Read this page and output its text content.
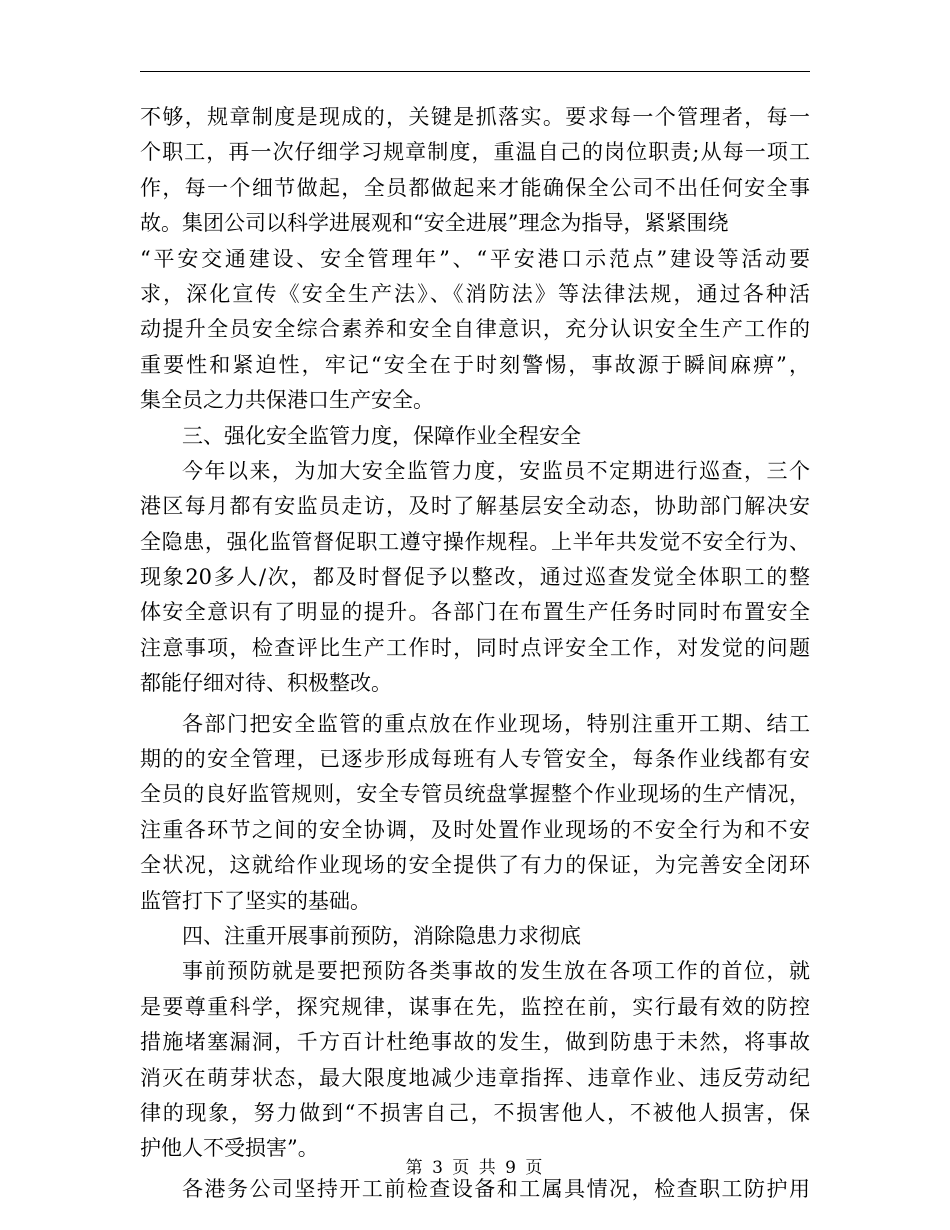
不够，规章制度是现成的，关键是抓落实。要求每一个管理者，每一
个职工，再一次仔细学习规章制度，重温自己的岗位职责;从每一项工
作，每一个细节做起，全员都做起来才能确保全公司不出任何安全事
故。集团公司以科学进展观和“安全进展”理念为指导，紧紧围绕
“平安交通建设、安全管理年”、“平安港口示范点”建设等活动要
求，深化宣传《安全生产法》、《消防法》等法律法规，通过各种活
动提升全员安全综合素养和安全自律意识，充分认识安全生产工作的
重要性和紧迫性，牢记“安全在于时刻警惕，事故源于瞬间麻痹”，
集全员之力共保港口生产安全。
三、强化安全监管力度，保障作业全程安全
今年以来，为加大安全监管力度，安监员不定期进行巡查，三个
港区每月都有安监员走访，及时了解基层安全动态，协助部门解决安
全隐患，强化监管督促职工遵守操作规程。上半年共发觉不安全行为、
现象20多人/次，都及时督促予以整改，通过巡查发觉全体职工的整
体安全意识有了明显的提升。各部门在布置生产任务时同时布置安全
注意事项，检查评比生产工作时，同时点评安全工作，对发觉的问题
都能仔细对待、积极整改。
各部门把安全监管的重点放在作业现场，特别注重开工期、结工
期的的安全管理，已逐步形成每班有人专管安全，每条作业线都有安
全员的良好监管规则，安全专管员统盘掌握整个作业现场的生产情况，
注重各环节之间的安全协调，及时处置作业现场的不安全行为和不安
全状况，这就给作业现场的安全提供了有力的保证，为完善安全闭环
监管打下了坚实的基础。
四、注重开展事前预防，消除隐患力求彻底
事前预防就是要把预防各类事故的发生放在各项工作的首位，就
是要尊重科学，探究规律，谋事在先，监控在前，实行最有效的防控
措施堵塞漏洞，千方百计杜绝事故的发生，做到防患于未然，将事故
消灭在萌芽状态，最大限度地减少违章指挥、违章作业、违反劳动纪
律的现象，努力做到“不损害自己，不损害他人，不被他人损害，保
护他人不受损害”。
各港务公司坚持开工前检查设备和工属具情况，检查职工防护用
第 3 页 共 9 页
